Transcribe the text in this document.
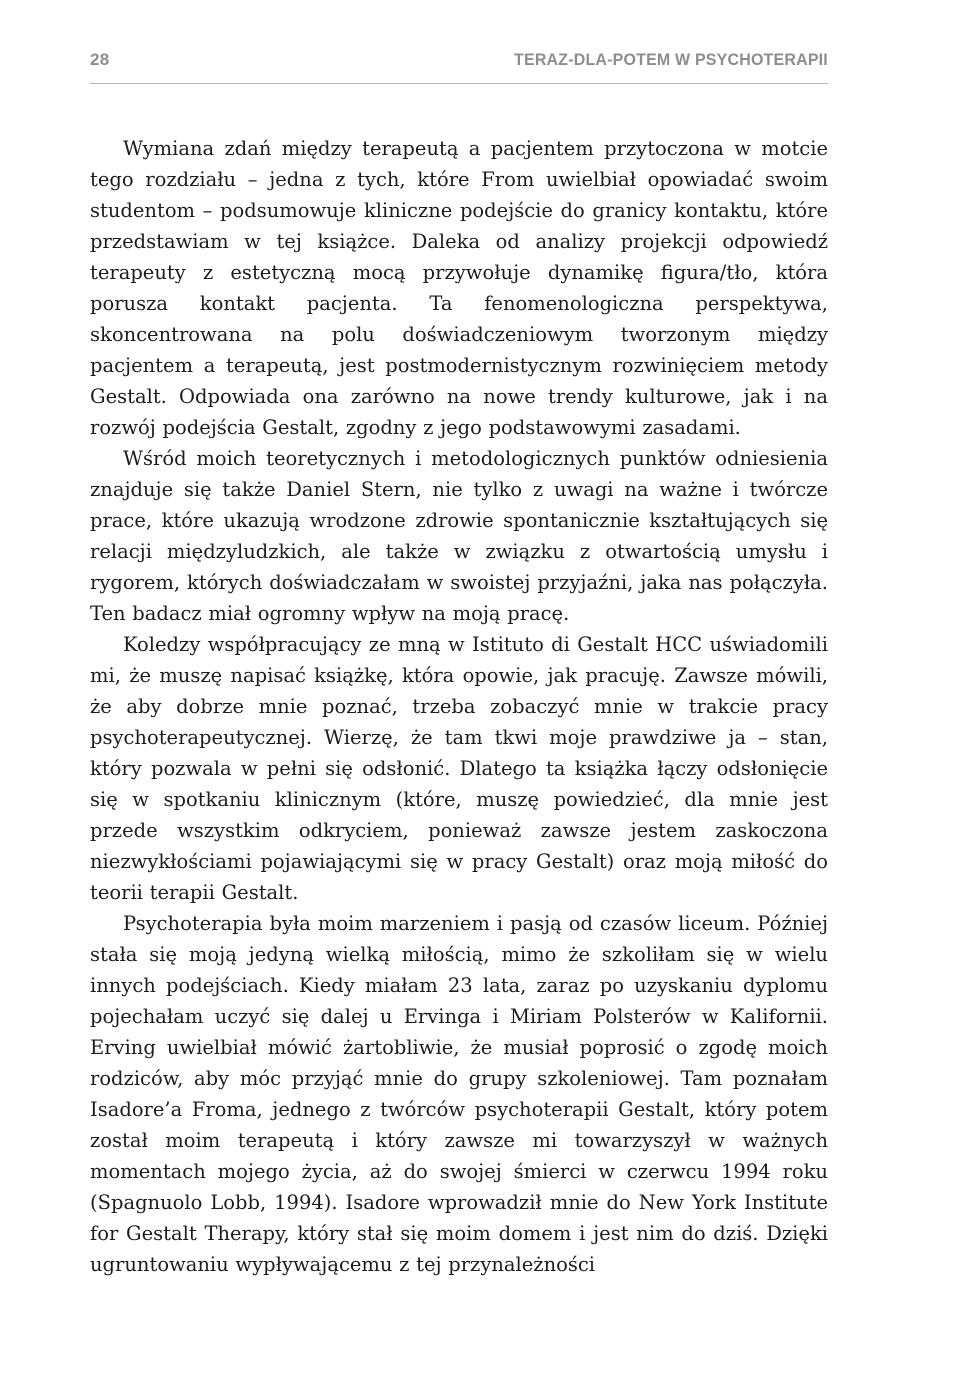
28	TERAZ-DLA-POTEM W PSYCHOTERAPII

Wymiana zdań między terapeutą a pacjentem przytoczona w motcie tego rozdziału – jedna z tych, które From uwielbiał opowiadać swoim studentom – podsumowuje kliniczne podejście do granicy kontaktu, które przedstawiam w tej książce. Daleka od analizy projekcji odpowiedź terapeuty z estetyczną mocą przywołuje dynamikę figura/tło, która porusza kontakt pacjenta. Ta fenomenologiczna perspektywa, skoncentrowana na polu doświadczeniowym tworzonym między pacjentem a terapeutą, jest postmodernistycznym rozwinięciem metody Gestalt. Odpowiada ona zarówno na nowe trendy kulturowe, jak i na rozwój podejścia Gestalt, zgodny z jego podstawowymi zasadami.

Wśród moich teoretycznych i metodologicznych punktów odniesienia znajduje się także Daniel Stern, nie tylko z uwagi na ważne i twórcze prace, które ukazują wrodzone zdrowie spontanicznie kształtujących się relacji międzyludzkich, ale także w związku z otwartością umysłu i rygorem, których doświadczałam w swoistej przyjaźni, jaka nas połączyła. Ten badacz miał ogromny wpływ na moją pracę.

Koledzy współpracujący ze mną w Istituto di Gestalt HCC uświadomili mi, że muszę napisać książkę, która opowie, jak pracuję. Zawsze mówili, że aby dobrze mnie poznać, trzeba zobaczyć mnie w trakcie pracy psychoterapeutycznej. Wierzę, że tam tkwi moje prawdziwe ja – stan, który pozwala w pełni się odsłonić. Dlatego ta książka łączy odsłonięcie się w spotkaniu klinicznym (które, muszę powiedzieć, dla mnie jest przede wszystkim odkryciem, ponieważ zawsze jestem zaskoczona niezwykłościami pojawiającymi się w pracy Gestalt) oraz moją miłość do teorii terapii Gestalt.

Psychoterapia była moim marzeniem i pasją od czasów liceum. Później stała się moją jedyną wielką miłością, mimo że szkoliłam się w wielu innych podejściach. Kiedy miałam 23 lata, zaraz po uzyskaniu dyplomu pojechałam uczyć się dalej u Ervinga i Miriam Polsterów w Kalifornii. Erving uwielbiał mówić żartobliwie, że musiał poprosić o zgodę moich rodziców, aby móc przyjąć mnie do grupy szkoleniowej. Tam poznałam Isadore’a Froma, jednego z twórców psychoterapii Gestalt, który potem został moim terapeutą i który zawsze mi towarzyszył w ważnych momentach mojego życia, aż do swojej śmierci w czerwcu 1994 roku (Spagnuolo Lobb, 1994). Isadore wprowadził mnie do New York Institute for Gestalt Therapy, który stał się moim domem i jest nim do dziś. Dzięki ugruntowaniu wypływającemu z tej przynależności
